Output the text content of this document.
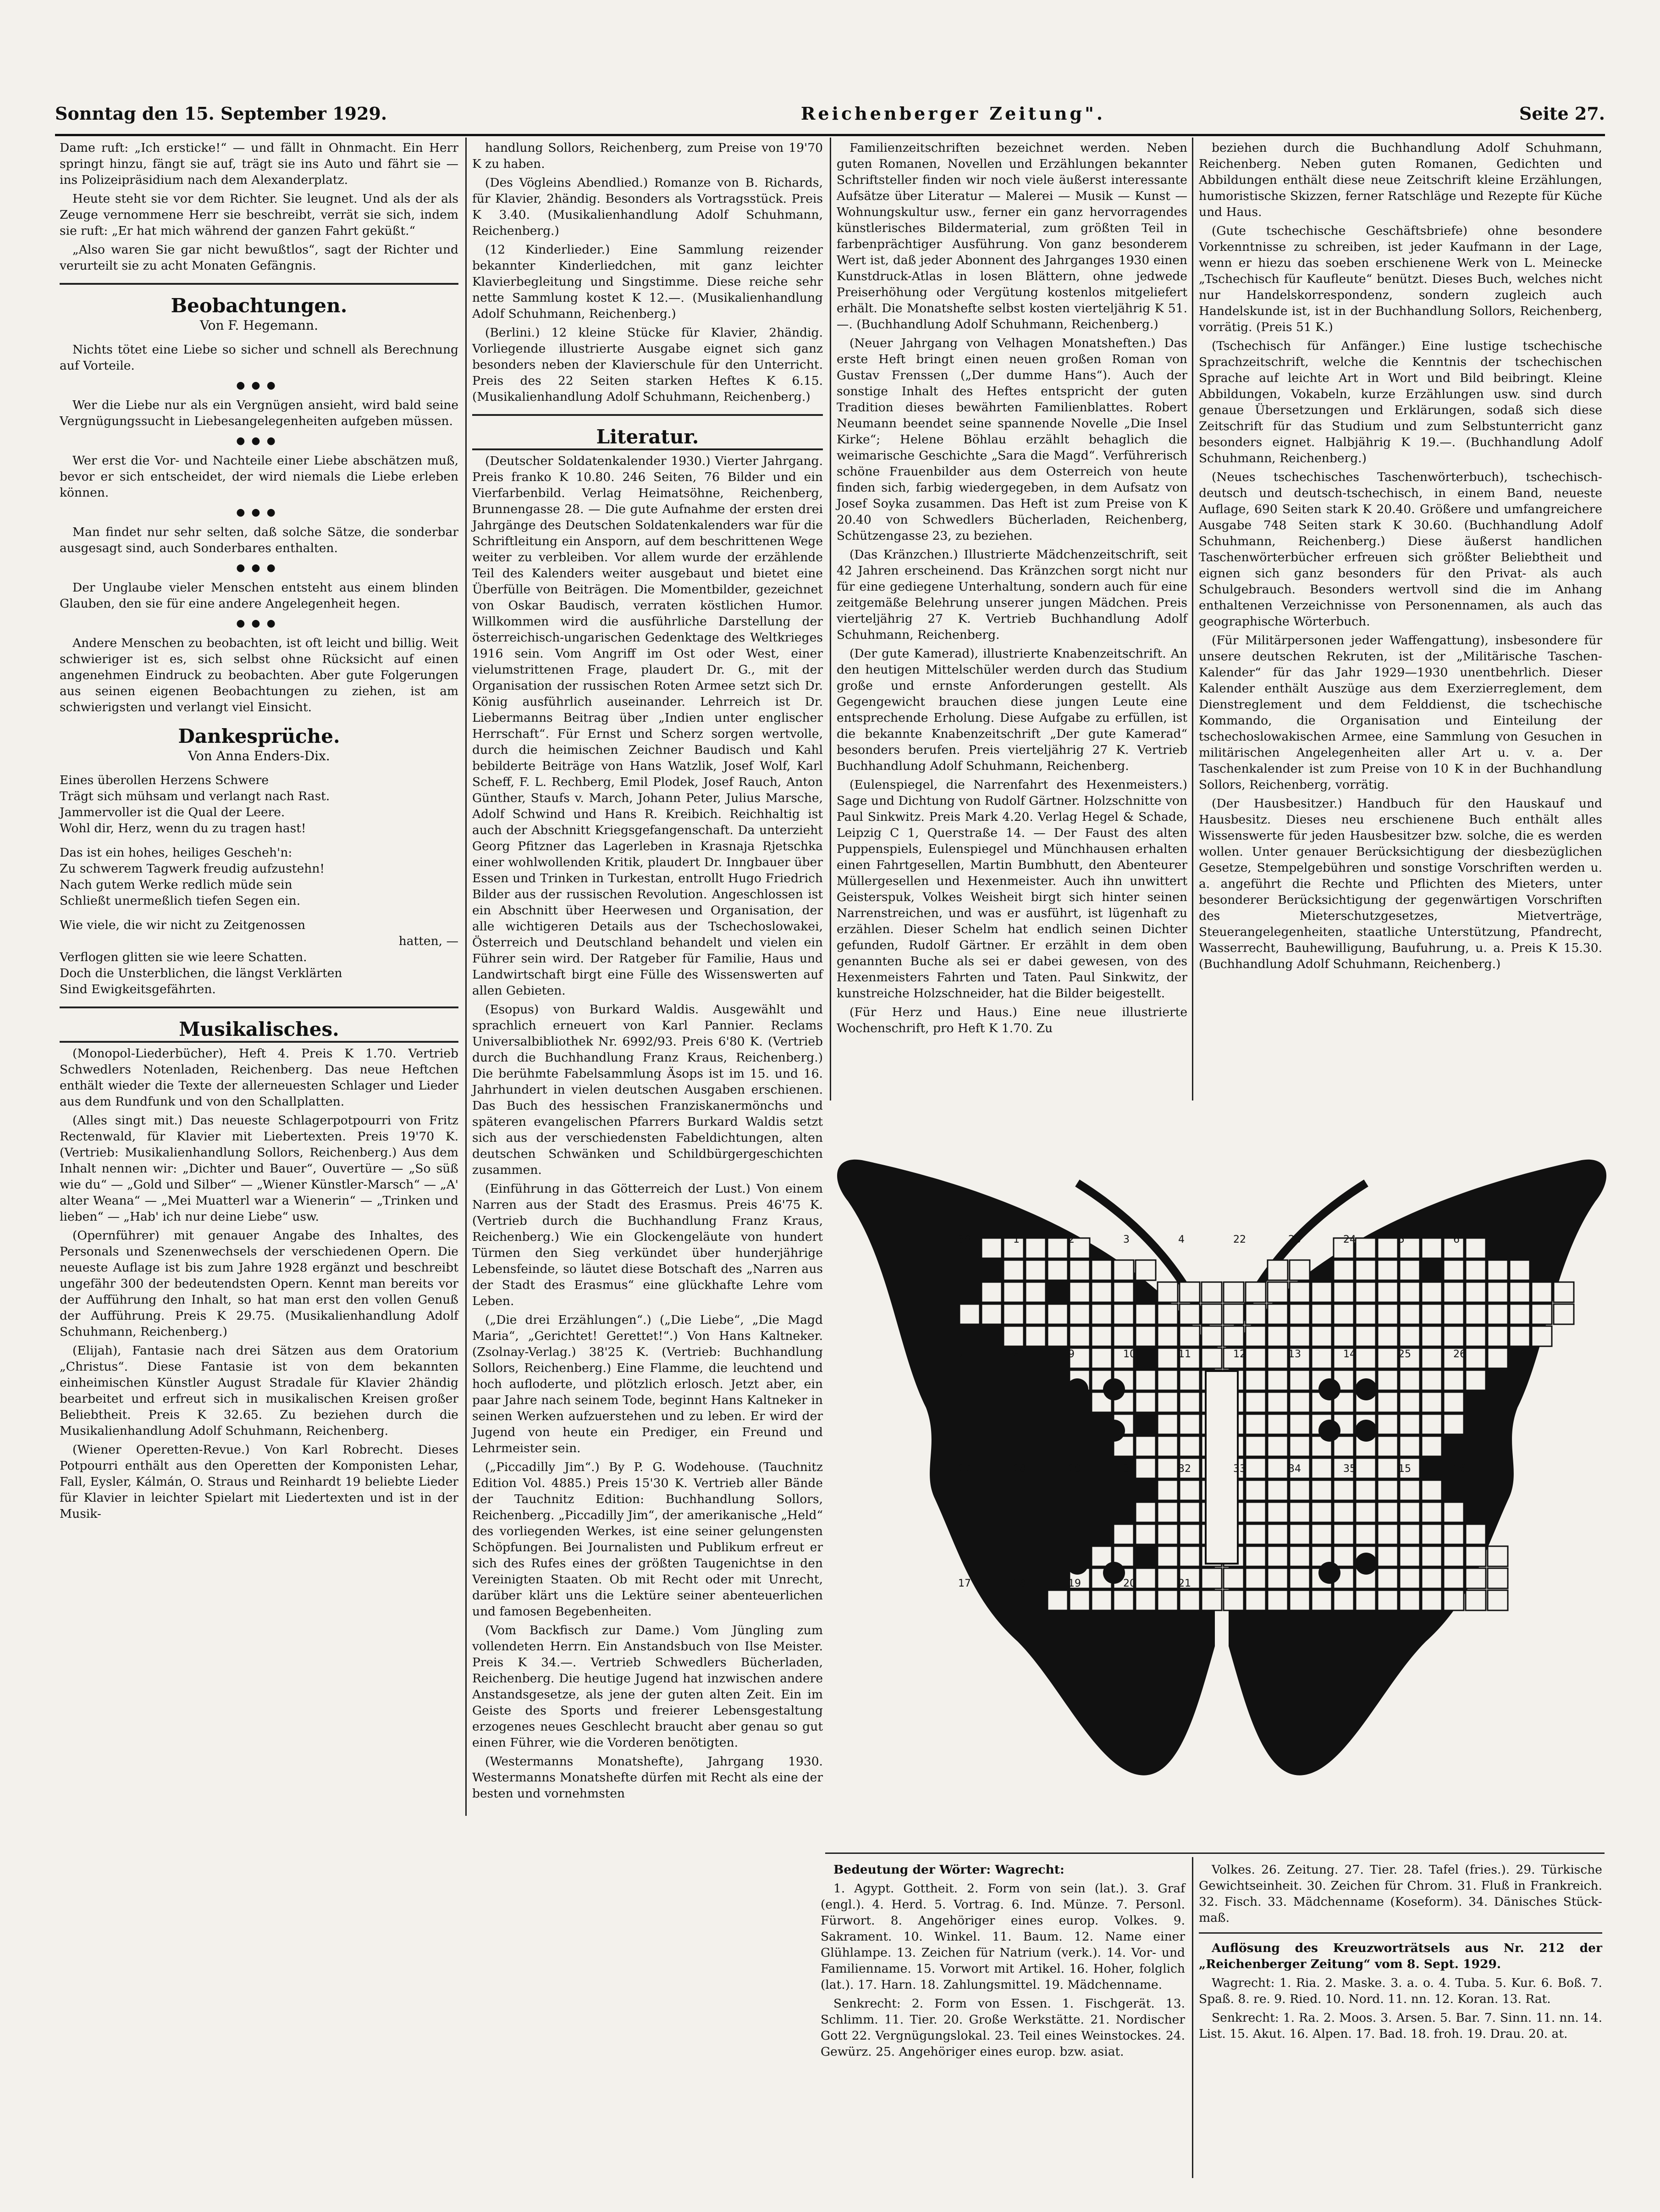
Sonntag den 15. September 1929.	Reichenberger Zeitung".	Seite 27.

Dame ruft: „Ich ersticke!“ — und fällt in Ohnmacht. Ein Herr springt hinzu, fängt sie auf, trägt sie ins Auto und fährt sie — ins Polizeipräsidium nach dem Alexanderplatz.

Heute steht sie vor dem Richter. Sie leugnet. Und als der als Zeuge vernommene Herr sie beschreibt, verrät sie sich, indem sie ruft: „Er hat mich während der ganzen Fahrt geküßt.“

„Also waren Sie gar nicht bewußtlos“, sagt der Richter und verurteilt sie zu acht Monaten Gefängnis.

Beobachtungen.
Von F. Hegemann.

Nichts tötet eine Liebe so sicher und schnell als Berechnung auf Vorteile.

●●●

Wer die Liebe nur als ein Vergnügen ansieht, wird bald seine Vergnügungssucht in Liebesangelegenheiten aufgeben müssen.

●●●

Wer erst die Vor- und Nachteile einer Liebe abschätzen muß, bevor er sich entscheidet, der wird niemals die Liebe erleben können.

●●●

Man findet nur sehr selten, daß solche Sätze, die sonderbar ausgesagt sind, auch Sonderbares enthalten.

●●●

Der Unglaube vieler Menschen entsteht aus einem blinden Glauben, den sie für eine andere Angelegenheit hegen.

●●●

Andere Menschen zu beobachten, ist oft leicht und billig. Weit schwieriger ist es, sich selbst ohne Rücksicht auf einen angenehmen Eindruck zu beobachten. Aber gute Folgerungen aus seinen eigenen Beobachtungen zu ziehen, ist am schwierigsten und verlangt viel Einsicht.

Dankesprüche.
Von Anna Enders-Dix.

Eines überollen Herzens Schwere

Trägt sich mühsam und verlangt nach Rast.

Jammervoller ist die Qual der Leere.

Wohl dir, Herz, wenn du zu tragen hast!

Das ist ein hohes, heiliges Gescheh'n:

Zu schwerem Tagwerk freudig aufzustehn!

Nach gutem Werke redlich müde sein

Schließt unermeßlich tiefen Segen ein.

Wie viele, die wir nicht zu Zeitgenossen

hatten, —

Verflogen glitten sie wie leere Schatten.

Doch die Unsterblichen, die längst Verklärten

Sind Ewigkeitsgefährten.

Musikalisches.

(Monopol-Liederbücher), Heft 4. Preis K 1.70. Vertrieb Schwedlers Notenladen, Reichenberg. Das neue Heftchen enthält wieder die Texte der allerneuesten Schlager und Lieder aus dem Rundfunk und von den Schallplatten.

(Alles singt mit.) Das neueste Schlagerpotpourri von Fritz Rectenwald, für Klavier mit Liebertexten. Preis 19'70 K. (Vertrieb: Musikalienhandlung Sollors, Reichenberg.) Aus dem Inhalt nennen wir: „Dichter und Bauer“, Ouvertüre — „So süß wie du“ — „Gold und Silber“ — „Wiener Künstler-Marsch“ — „A' alter Weana“ — „Mei Muatterl war a Wienerin“ — „Trinken und lieben“ — „Hab' ich nur deine Liebe“ usw.

(Opernführer) mit genauer Angabe des Inhaltes, des Personals und Szenenwechsels der verschiedenen Opern. Die neueste Auflage ist bis zum Jahre 1928 ergänzt und beschreibt ungefähr 300 der bedeutendsten Opern. Kennt man bereits vor der Aufführung den Inhalt, so hat man erst den vollen Genuß der Aufführung. Preis K 29.75. (Musikalienhandlung Adolf Schuhmann, Reichenberg.)

(Elijah), Fantasie nach drei Sätzen aus dem Oratorium „Christus“. Diese Fantasie ist von dem bekannten einheimischen Künstler August Stradale für Klavier 2händig bearbeitet und erfreut sich in musikalischen Kreisen großer Beliebtheit. Preis K 32.65. Zu beziehen durch die Musikalienhandlung Adolf Schuhmann, Reichenberg.

(Wiener Operetten-Revue.) Von Karl Robrecht. Dieses Potpourri enthält aus den Operetten der Komponisten Lehar, Fall, Eysler, Kálmán, O. Straus und Reinhardt 19 beliebte Lieder für Klavier in leichter Spielart mit Liedertexten und ist in der Musik-

handlung Sollors, Reichenberg, zum Preise von 19'70 K zu haben.

(Des Vögleins Abendlied.) Romanze von B. Richards, für Klavier, 2händig. Besonders als Vortragsstück. Preis K 3.40. (Musikalienhandlung Adolf Schuhmann, Reichenberg.)

(12 Kinderlieder.) Eine Sammlung reizender bekannter Kinderliedchen, mit ganz leichter Klavierbegleitung und Singstimme. Diese reiche sehr nette Sammlung kostet K 12.—. (Musikalienhandlung Adolf Schuhmann, Reichenberg.)

(Berlini.) 12 kleine Stücke für Klavier, 2händig. Vorliegende illustrierte Ausgabe eignet sich ganz besonders neben der Klavierschule für den Unterricht. Preis des 22 Seiten starken Heftes K 6.15. (Musikalienhandlung Adolf Schuhmann, Reichenberg.)

Literatur.

(Deutscher Soldatenkalender 1930.) Vierter Jahrgang. Preis franko K 10.80. 246 Seiten, 76 Bilder und ein Vierfarbenbild. Verlag Heimatsöhne, Reichenberg, Brunnengasse 28. — Die gute Aufnahme der ersten drei Jahrgänge des Deutschen Soldatenkalenders war für die Schriftleitung ein Ansporn, auf dem beschrittenen Wege weiter zu verbleiben. Vor allem wurde der erzählende Teil des Kalenders weiter ausgebaut und bietet eine Überfülle von Beiträgen. Die Momentbilder, gezeichnet von Oskar Baudisch, verraten köstlichen Humor. Willkommen wird die ausführliche Darstellung der österreichisch-ungarischen Gedenktage des Weltkrieges 1916 sein. Vom Angriff im Ost oder West, einer vielumstrittenen Frage, plaudert Dr. G., mit der Organisation der russischen Roten Armee setzt sich Dr. König ausführlich auseinander. Lehrreich ist Dr. Liebermanns Beitrag über „Indien unter englischer Herrschaft“. Für Ernst und Scherz sorgen wertvolle, durch die heimischen Zeichner Baudisch und Kahl bebilderte Beiträge von Hans Watzlik, Josef Wolf, Karl Scheff, F. L. Rechberg, Emil Plodek, Josef Rauch, Anton Günther, Staufs v. March, Johann Peter, Julius Marsche, Adolf Schwind und Hans R. Kreibich. Reichhaltig ist auch der Abschnitt Kriegsgefangenschaft. Da unterzieht Georg Pfitzner das Lagerleben in Krasnaja Rjetschka einer wohlwollenden Kritik, plaudert Dr. Inngbauer über Essen und Trinken in Turkestan, entrollt Hugo Friedrich Bilder aus der russischen Revolution. Angeschlossen ist ein Abschnitt über Heerwesen und Organisation, der alle wichtigeren Details aus der Tschechoslowakei, Österreich und Deutschland behandelt und vielen ein Führer sein wird. Der Ratgeber für Familie, Haus und Landwirtschaft birgt eine Fülle des Wissenswerten auf allen Gebieten.

(Esopus) von Burkard Waldis. Ausgewählt und sprachlich erneuert von Karl Pannier. Reclams Universalbibliothek Nr. 6992/93. Preis 6'80 K. (Vertrieb durch die Buchhandlung Franz Kraus, Reichenberg.) Die berühmte Fabelsammlung Äsops ist im 15. und 16. Jahrhundert in vielen deutschen Ausgaben erschienen. Das Buch des hessischen Franziskanermönchs und späteren evangelischen Pfarrers Burkard Waldis setzt sich aus der verschiedensten Fabeldichtungen, alten deutschen Schwänken und Schildbürgergeschichten zusammen.

(Einführung in das Götterreich der Lust.) Von einem Narren aus der Stadt des Erasmus. Preis 46'75 K. (Vertrieb durch die Buchhandlung Franz Kraus, Reichenberg.) Wie ein Glockengeläute von hundert Türmen den Sieg verkündet über hunderjährige Lebensfeinde, so läutet diese Botschaft des „Narren aus der Stadt des Erasmus“ eine glückhafte Lehre vom Leben.

(„Die drei Erzählungen“.) („Die Liebe“, „Die Magd Maria“, „Gerichtet! Gerettet!“.) Von Hans Kaltneker. (Zsolnay-Verlag.) 38'25 K. (Vertrieb: Buchhandlung Sollors, Reichenberg.) Eine Flamme, die leuchtend und hoch aufloderte, und plötzlich erlosch. Jetzt aber, ein paar Jahre nach seinem Tode, beginnt Hans Kaltneker in seinen Werken aufzuerstehen und zu leben. Er wird der Jugend von heute ein Prediger, ein Freund und Lehrmeister sein.

(„Piccadilly Jim“.) By P. G. Wodehouse. (Tauchnitz Edition Vol. 4885.) Preis 15'30 K. Vertrieb aller Bände der Tauchnitz Edition: Buchhandlung Sollors, Reichenberg. „Piccadilly Jim“, der amerikanische „Held“ des vorliegenden Werkes, ist eine seiner gelungensten Schöpfungen. Bei Journalisten und Publikum erfreut er sich des Rufes eines der größten Taugenichtse in den Vereinigten Staaten. Ob mit Recht oder mit Unrecht, darüber klärt uns die Lektüre seiner abenteuerlichen und famosen Begebenheiten.

(Vom Backfisch zur Dame.) Vom Jüngling zum vollendeten Herrn. Ein Anstandsbuch von Ilse Meister. Preis K 34.—. Vertrieb Schwedlers Bücherladen, Reichenberg. Die heutige Jugend hat inzwischen andere Anstandsgesetze, als jene der guten alten Zeit. Ein im Geiste des Sports und freierer Lebensgestaltung erzogenes neues Geschlecht braucht aber genau so gut einen Führer, wie die Vorderen benötigten.

(Westermanns Monatshefte), Jahrgang 1930. Westermanns Monatshefte dürfen mit Recht als eine der besten und vornehmsten

Familienzeitschriften bezeichnet werden. Neben guten Romanen, Novellen und Erzählungen bekannter Schriftsteller finden wir noch viele äußerst interessante Aufsätze über Literatur — Malerei — Musik — Kunst — Wohnungskultur usw., ferner ein ganz hervorragendes künstlerisches Bildermaterial, zum größten Teil in farbenprächtiger Ausführung. Von ganz besonderem Wert ist, daß jeder Abonnent des Jahrganges 1930 einen Kunstdruck-Atlas in losen Blättern, ohne jedwede Preiserhöhung oder Vergütung kostenlos mitgeliefert erhält. Die Monatshefte selbst kosten vierteljährig K 51.—. (Buchhandlung Adolf Schuhmann, Reichenberg.)

(Neuer Jahrgang von Velhagen Monatsheften.) Das erste Heft bringt einen neuen großen Roman von Gustav Frenssen („Der dumme Hans“). Auch der sonstige Inhalt des Heftes entspricht der guten Tradition dieses bewährten Familienblattes. Robert Neumann beendet seine spannende Novelle „Die Insel Kirke“; Helene Böhlau erzählt behaglich die weimarische Geschichte „Sara die Magd“. Verführerisch schöne Frauenbilder aus dem Osterreich von heute finden sich, farbig wiedergegeben, in dem Aufsatz von Josef Soyka zusammen. Das Heft ist zum Preise von K 20.40 von Schwedlers Bücherladen, Reichenberg, Schützengasse 23, zu beziehen.

(Das Kränzchen.) Illustrierte Mädchenzeitschrift, seit 42 Jahren erscheinend. Das Kränzchen sorgt nicht nur für eine gediegene Unterhaltung, sondern auch für eine zeitgemäße Belehrung unserer jungen Mädchen. Preis vierteljährig 27 K. Vertrieb Buchhandlung Adolf Schuhmann, Reichenberg.

(Der gute Kamerad), illustrierte Knabenzeitschrift. An den heutigen Mittelschüler werden durch das Studium große und ernste Anforderungen gestellt. Als Gegengewicht brauchen diese jungen Leute eine entsprechende Erholung. Diese Aufgabe zu erfüllen, ist die bekannte Knabenzeitschrift „Der gute Kamerad“ besonders berufen. Preis vierteljährig 27 K. Vertrieb Buchhandlung Adolf Schuhmann, Reichenberg.

(Eulenspiegel, die Narrenfahrt des Hexenmeisters.) Sage und Dichtung von Rudolf Gärtner. Holzschnitte von Paul Sinkwitz. Preis Mark 4.20. Verlag Hegel & Schade, Leipzig C 1, Querstraße 14. — Der Faust des alten Puppenspiels, Eulenspiegel und Münchhausen erhalten einen Fahrtgesellen, Martin Bumbhutt, den Abenteurer Müllergesellen und Hexenmeister. Auch ihn unwittert Geisterspuk, Volkes Weisheit birgt sich hinter seinen Narrenstreichen, und was er ausführt, ist lügenhaft zu erzählen. Dieser Schelm hat endlich seinen Dichter gefunden, Rudolf Gärtner. Er erzählt in dem oben genannten Buche als sei er dabei gewesen, von des Hexenmeisters Fahrten und Taten. Paul Sinkwitz, der kunstreiche Holzschneider, hat die Bilder beigestellt.

(Für Herz und Haus.) Eine neue illustrierte Wochenschrift, pro Heft K 1.70. Zu

beziehen durch die Buchhandlung Adolf Schuhmann, Reichenberg. Neben guten Romanen, Gedichten und Abbildungen enthält diese neue Zeitschrift kleine Erzählungen, humoristische Skizzen, ferner Ratschläge und Rezepte für Küche und Haus.

(Gute tschechische Geschäftsbriefe) ohne besondere Vorkenntnisse zu schreiben, ist jeder Kaufmann in der Lage, wenn er hiezu das soeben erschienene Werk von L. Meinecke „Tschechisch für Kaufleute“ benützt. Dieses Buch, welches nicht nur Handelskorrespondenz, sondern zugleich auch Handelskunde ist, ist in der Buchhandlung Sollors, Reichenberg, vorrätig. (Preis 51 K.)

(Tschechisch für Anfänger.) Eine lustige tschechische Sprachzeitschrift, welche die Kenntnis der tschechischen Sprache auf leichte Art in Wort und Bild beibringt. Kleine Abbildungen, Vokabeln, kurze Erzählungen usw. sind durch genaue Übersetzungen und Erklärungen, sodaß sich diese Zeitschrift für das Studium und zum Selbstunterricht ganz besonders eignet. Halbjährig K 19.—. (Buchhandlung Adolf Schuhmann, Reichenberg.)

(Neues tschechisches Taschenwörterbuch), tschechisch-deutsch und deutsch-tschechisch, in einem Band, neueste Auflage, 690 Seiten stark K 20.40. Größere und umfangreichere Ausgabe 748 Seiten stark K 30.60. (Buchhandlung Adolf Schuhmann, Reichenberg.) Diese äußerst handlichen Taschenwörterbücher erfreuen sich größter Beliebtheit und eignen sich ganz besonders für den Privat- als auch Schulgebrauch. Besonders wertvoll sind die im Anhang enthaltenen Verzeichnisse von Personennamen, als auch das geographische Wörterbuch.

(Für Militärpersonen jeder Waffengattung), insbesondere für unsere deutschen Rekruten, ist der „Militärische Taschen-Kalender“ für das Jahr 1929—1930 unentbehrlich. Dieser Kalender enthält Auszüge aus dem Exerzierreglement, dem Dienstreglement und dem Felddienst, die tschechische Kommando, die Organisation und Einteilung der tschechoslowakischen Armee, eine Sammlung von Gesuchen in militärischen Angelegenheiten aller Art u. v. a. Der Taschenkalender ist zum Preise von 10 K in der Buchhandlung Sollors, Reichenberg, vorrätig.

(Der Hausbesitzer.) Handbuch für den Hauskauf und Hausbesitz. Dieses neu erschienene Buch enthält alles Wissenswerte für jeden Hausbesitzer bzw. solche, die es werden wollen. Unter genauer Berücksichtigung der diesbezüglichen Gesetze, Stempelgebühren und sonstige Vorschriften werden u. a. angeführt die Rechte und Pflichten des Mieters, unter besonderer Berücksichtigung der gegenwärtigen Vorschriften des Mieterschutzgesetzes, Mietverträge, Steuerangelegenheiten, staatliche Unterstützung, Pfandrecht, Wasserrecht, Bauhewilligung, Baufuhrung, u. a. Preis K 15.30. (Buchhandlung Adolf Schuhmann, Reichenberg.)

30	1	2	3	4	22	23	24	5	6
7	8	9	10	11	12	13	14	25	26
27	28	29	31	32	33	34	35	15	16
17	18	19	20	21

Bedeutung der Wörter: Wagrecht:

1. Agypt. Gottheit. 2. Form von sein (lat.). 3. Graf (engl.). 4. Herd. 5. Vortrag. 6. Ind. Münze. 7. Personl. Fürwort. 8. Angehöriger eines europ. Volkes. 9. Sakrament. 10. Winkel. 11. Baum. 12. Name einer Glühlampe. 13. Zeichen für Natrium (verk.). 14. Vor- und Familienname. 15. Vorwort mit Artikel. 16. Hoher, folglich (lat.). 17. Harn. 18. Zahlungsmittel. 19. Mädchenname.

Senkrecht: 2. Form von Essen. 1. Fischgerät. 13. Schlimm. 11. Tier. 20. Große Werkstätte. 21. Nordischer Gott 22. Vergnügungslokal. 23. Teil eines Weinstockes. 24. Gewürz. 25. Angehöriger eines europ. bzw. asiat.

Volkes. 26. Zeitung. 27. Tier. 28. Tafel (fries.). 29. Türkische Gewichtseinheit. 30. Zeichen für Chrom. 31. Fluß in Frankreich. 32. Fisch. 33. Mädchenname (Koseform). 34. Dänisches Stück-maß.

Auflösung des Kreuzworträtsels aus Nr. 212 der „Reichenberger Zeitung“ vom 8. Sept. 1929.

Wagrecht: 1. Ria. 2. Maske. 3. a. o. 4. Tuba. 5. Kur. 6. Boß. 7. Spaß. 8. re. 9. Ried. 10. Nord. 11. nn. 12. Koran. 13. Rat.

Senkrecht: 1. Ra. 2. Moos. 3. Arsen. 5. Bar. 7. Sinn. 11. nn. 14. List. 15. Akut. 16. Alpen. 17. Bad. 18. froh. 19. Drau. 20. at.
